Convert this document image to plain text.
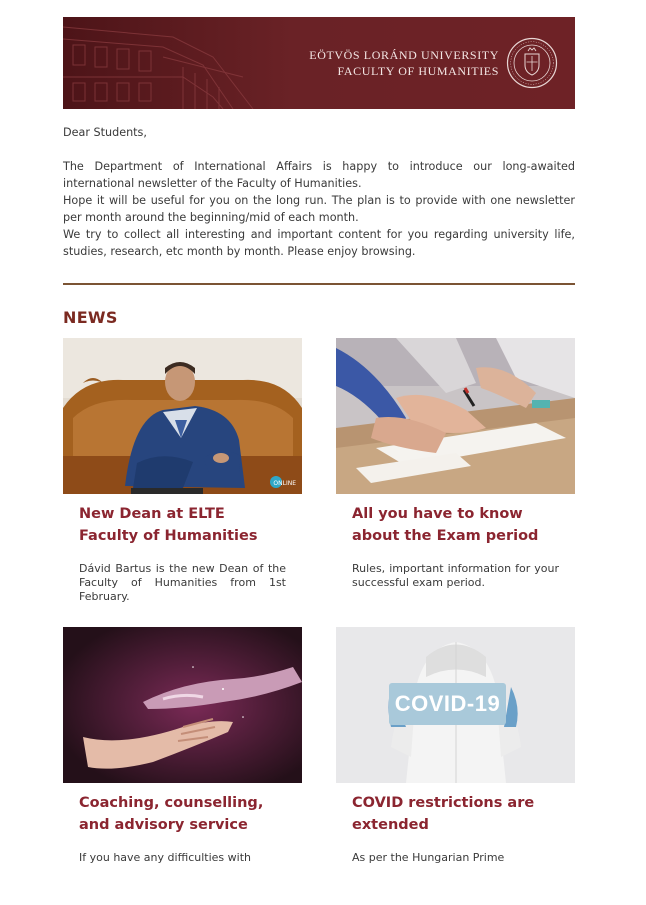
EÖTVÖS LORÁND UNIVERSITY
FACULTY OF HUMANITIES

Dear Students,

The Department of International Affairs is happy to introduce our long-awaited international newsletter of the Faculty of Humanities.

Hope it will be useful for you on the long run. The plan is to provide with one newsletter per month around the beginning/mid of each month.

We try to collect all interesting and important content for you regarding university life, studies, research, etc month by month. Please enjoy browsing.

NEWS
ONLINE
New Dean at ELTE Faculty of Humanities
Dávid Bartus is the new Dean of the Faculty of Humanities from 1st February.
All you have to know about the Exam period
Rules, important information for your successful exam period.
Coaching, counselling, and advisory service
If you have any difficulties with
COVID-19
COVID restrictions are extended
As per the Hungarian Prime
